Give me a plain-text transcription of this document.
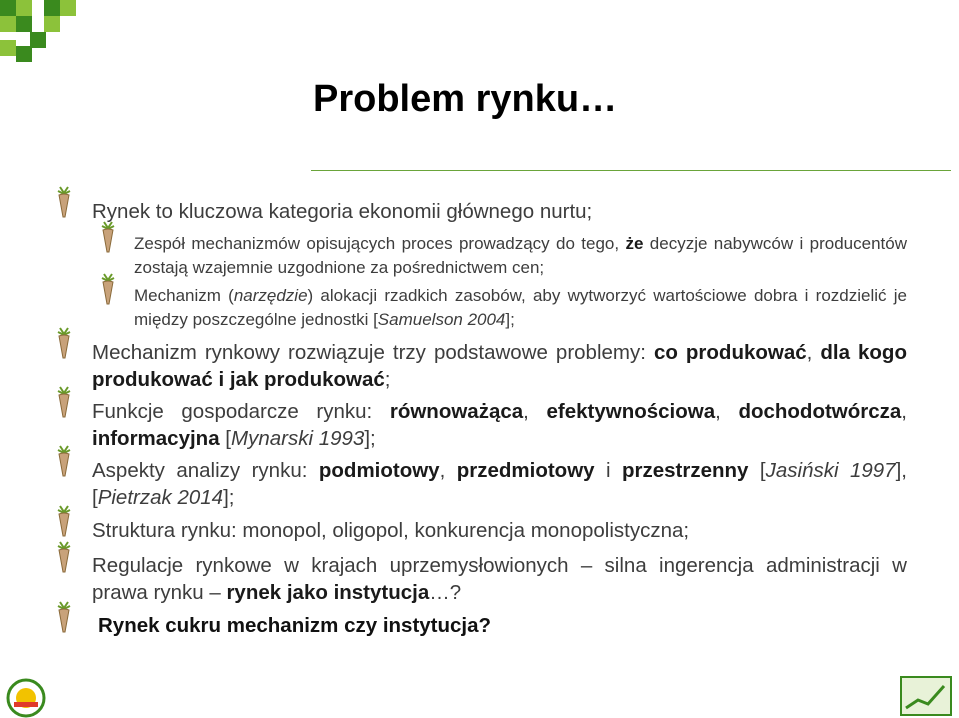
Problem rynku…
Rynek to kluczowa kategoria ekonomii głównego nurtu;
Zespół mechanizmów opisujących proces prowadzący do tego, że decyzje nabywców i producentów zostają wzajemnie uzgodnione za pośrednictwem cen;
Mechanizm (narzędzie) alokacji rzadkich zasobów, aby wytworzyć wartościowe dobra i rozdzielić je między poszczególne jednostki [Samuelson 2004];
Mechanizm rynkowy rozwiązuje trzy podstawowe problemy: co produkować, dla kogo produkować i jak produkować;
Funkcje gospodarcze rynku: równoważąca, efektywnościowa, dochodotwórcza, informacyjna [Mynarski 1993];
Aspekty analizy rynku: podmiotowy, przedmiotowy i przestrzenny [Jasiński 1997], [Pietrzak 2014];
Struktura rynku: monopol, oligopol, konkurencja monopolistyczna;
Regulacje rynkowe w krajach uprzemysłowionych – silna ingerencja administracji w prawa rynku – rynek jako instytucja…?
Rynek cukru mechanizm czy instytucja?
